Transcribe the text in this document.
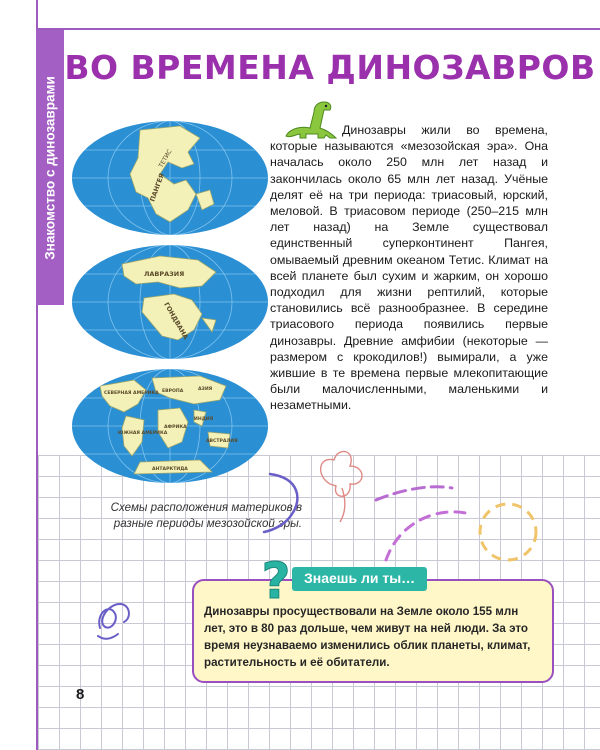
Знакомство с динозаврами
ВО ВРЕМЕНА ДИНОЗАВРОВ
ТЕТИС
ПАНГЕЯ
ЛАВРАЗИЯ
ГОНДВАНА
СЕВЕРНАЯ АМЕРИКА ЕВРОПА	АЗИЯ
ЮЖНАЯ АМЕРИКА
АФРИКА
ИНДИЯ
АВСТРАЛИЯ
АНТАРКТИДА
Динозавры жили во времена, которые называются «мезозойская эра». Она началась около 250 млн лет назад и закончилась около 65 млн лет назад. Учёные делят её на три периода: триасовый, юрский, меловой. В триасовом периоде (250–215 млн лет назад) на Земле существовал единственный суперконтинент Пангея, омываемый древним океаном Тетис. Климат на всей планете был сухим и жарким, он хорошо подходил для жизни рептилий, которые становились всё разнообразнее. В середине триасового периода появились первые динозавры. Древние амфибии (некоторые — размером с крокодилов!) вымирали, а уже жившие в те времена первые млекопитающие были малочисленными, маленькими и незаметными.
Схемы расположения материков в разные периоды мезозойской эры.
Знаешь ли ты…
Динозавры просуществовали на Земле около 155 млн лет, это в 80 раз дольше, чем живут на ней люди. За это время неузнаваемо изменились облик планеты, климат, растительность и её обитатели.
?
8
